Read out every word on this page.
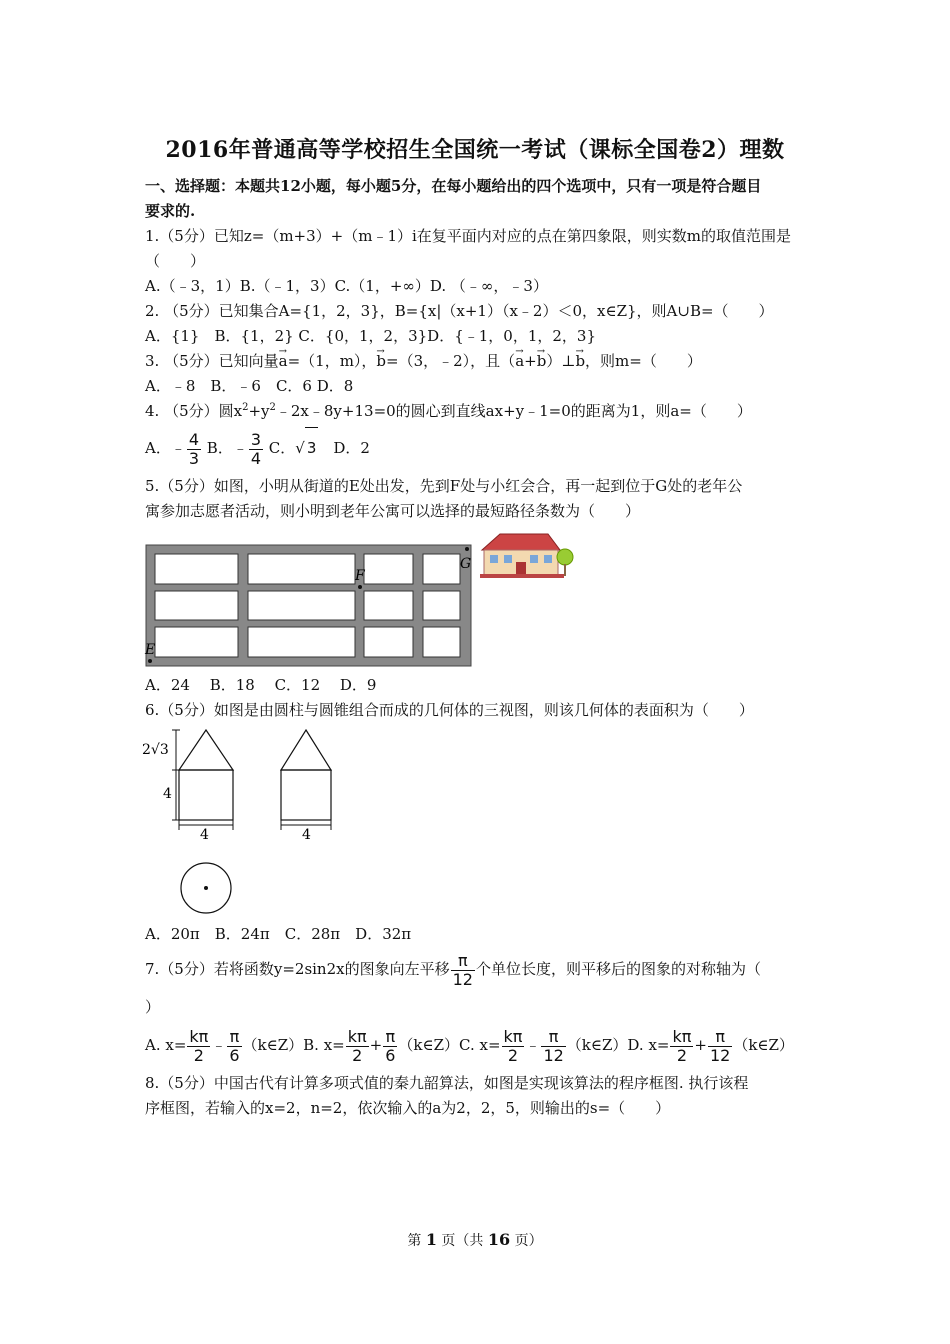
2016年普通高等学校招生全国统一考试（课标全国卷2）理数
一、选择题：本题共12小题，每小题5分，在每小题给出的四个选项中，只有一项是符合题目
要求的.
1.（5分）已知z=（m+3）+（m﹣1）i在复平面内对应的点在第四象限，则实数m的取值范围是
（　　）
A.（﹣3，1）B.（﹣1，3）C.（1，+∞）D. （﹣∞，﹣3）
2. （5分）已知集合A={1，2，3}，B={x|（x+1）（x﹣2）＜0，x∈Z}，则A∪B=（　　）
A．{1}　B．{1，2} C．{0，1，2，3}D．{﹣1，0，1，2，3}
3. （5分）已知向量→ a=（1，m），→ b=（3，﹣2），且（→ a+→ b）⊥→ b，则m=（　　）
A．﹣8　B．﹣6　C．6 D．8
4. （5分）圆$x^2+y^2﹣2x﹣8y+13=0$的圆心到直线ax+y﹣1=0的距离为1，则a=（　　）
A．﹣ $\frac{4}{3}$ B．﹣ $\frac{3}{4}$ C．√ 3　D．2
5.（5分）如图，小明从街道的E处出发，先到F处与小红会合，再一起到位于G处的老年公
寓参加志愿者活动，则小明到老年公寓可以选择的最短路径条数为（　　）
E
F
G
A．24　 B．18　 C．12　 D．9
6.（5分）如图是由圆柱与圆锥组合而成的几何体的三视图，则该几何体的表面积为（　　）
2√3
4
4	4
A．20π　B．24π　C．28π　D．32π
7.（5分）若将函数y=2sin2x的图象向左平移 $\frac{\pi}{12}$ 个单位长度，则平移后的图象的对称轴为（
）
A. $x= \frac{k\pi}{2}$ ﹣ $\frac{\pi}{6}$ （k∈Z）B. $x= \frac{k\pi}{2} + \frac{\pi}{6}$ （k∈Z）C. $x= \frac{k\pi}{2}$ ﹣ $\frac{\pi}{12}$ （k∈Z）D. $x= \frac{k\pi}{2} + \frac{\pi}{12}$ （k∈Z）
8.（5分）中国古代有计算多项式值的秦九韶算法，如图是实现该算法的程序框图. 执行该程
序框图，若输入的x=2，n=2，依次输入的a为2，2，5，则输出的s=（　　）
第 1 页（共 16 页）
